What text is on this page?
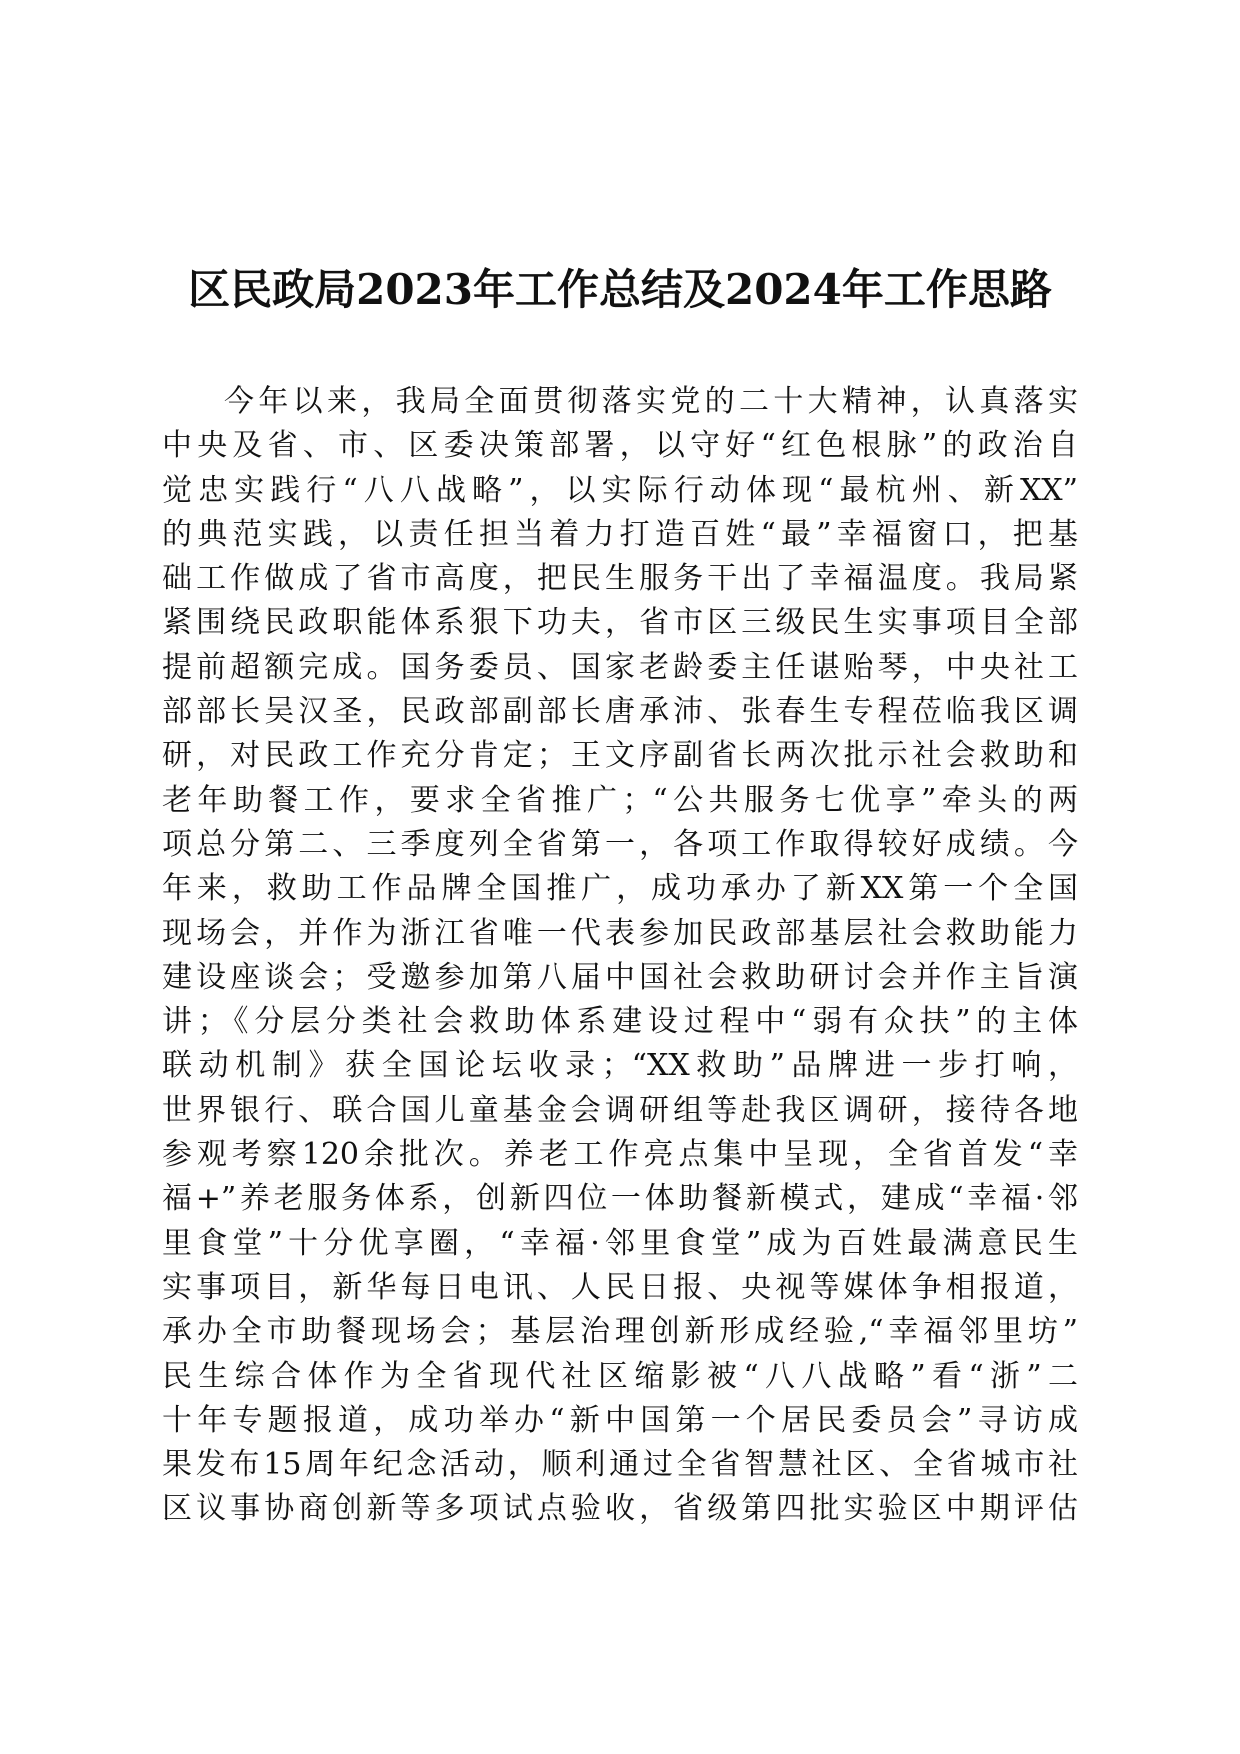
区民政局2023年工作总结及2024年工作思路
今年以来，我局全面贯彻落实党的二十大精神，认真落实
中央及省、市、区委决策部署，以守好“红色根脉”的政治自
觉忠实践行“八八战略”，以实际行动体现“最杭州、新XX”
的典范实践，以责任担当着力打造百姓“最”幸福窗口，把基
础工作做成了省市高度，把民生服务干出了幸福温度。我局紧
紧围绕民政职能体系狠下功夫，省市区三级民生实事项目全部
提前超额完成。国务委员、国家老龄委主任谌贻琴，中央社工
部部长吴汉圣，民政部副部长唐承沛、张春生专程莅临我区调
研，对民政工作充分肯定；王文序副省长两次批示社会救助和
老年助餐工作，要求全省推广；“公共服务七优享”牵头的两
项总分第二、三季度列全省第一，各项工作取得较好成绩。今
年来，救助工作品牌全国推广，成功承办了新XX第一个全国
现场会，并作为浙江省唯一代表参加民政部基层社会救助能力
建设座谈会；受邀参加第八届中国社会救助研讨会并作主旨演
讲；《分层分类社会救助体系建设过程中“弱有众扶”的主体
联动机制》获全国论坛收录；“XX救助”品牌进一步打响，
世界银行、联合国儿童基金会调研组等赴我区调研，接待各地
参观考察120余批次。养老工作亮点集中呈现，全省首发“幸
福+”养老服务体系，创新四位一体助餐新模式，建成“幸福·邻
里食堂”十分优享圈，“幸福·邻里食堂”成为百姓最满意民生
实事项目，新华每日电讯、人民日报、央视等媒体争相报道，
承办全市助餐现场会；基层治理创新形成经验,“幸福邻里坊”
民生综合体作为全省现代社区缩影被“八八战略”看“浙”二
十年专题报道，成功举办“新中国第一个居民委员会”寻访成
果发布15周年纪念活动，顺利通过全省智慧社区、全省城市社
区议事协商创新等多项试点验收，省级第四批实验区中期评估
